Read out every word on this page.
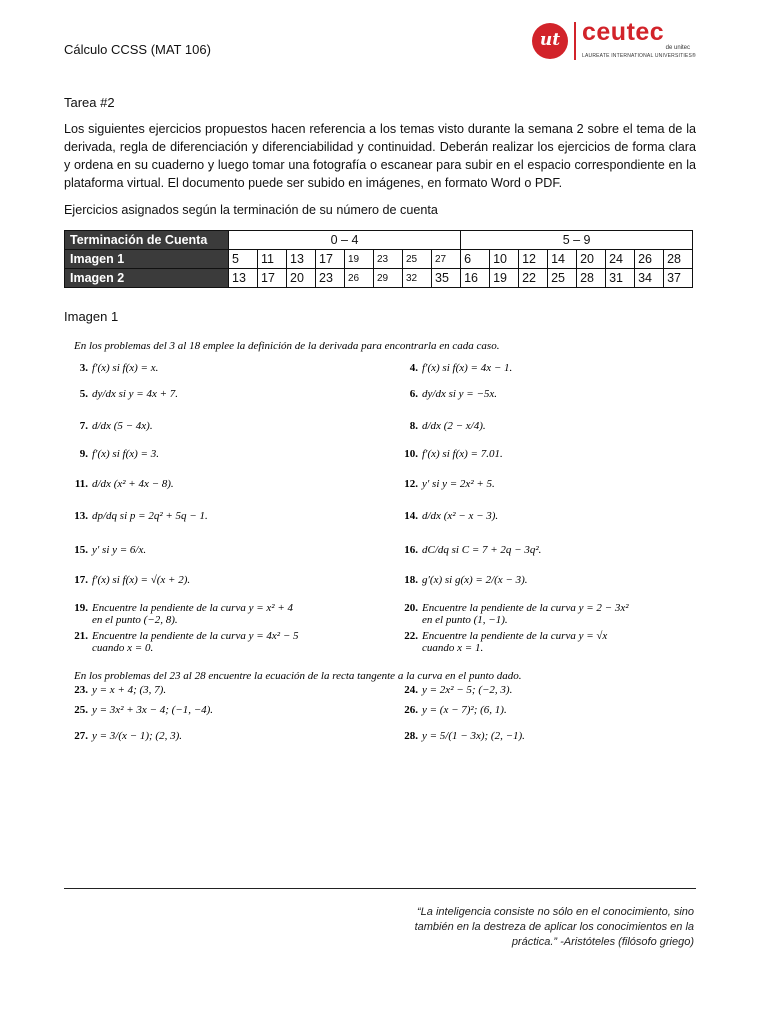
Cálculo CCSS (MAT 106)	ut ceutec
de unitec
LAUREATE INTERNATIONAL UNIVERSITIES®
Tarea #2

Los siguientes ejercicios propuestos hacen referencia a los temas visto durante la semana 2 sobre el tema de la derivada, regla de diferenciación y diferenciabilidad y continuidad. Deberán realizar los ejercicios de forma clara y ordena en su cuaderno y luego tomar una fotografía o escanear para subir en el espacio correspondiente en la plataforma virtual. El documento puede ser subido en imágenes, en formato Word o PDF.

Ejercicios asignados según la terminación de su número de cuenta
Terminación de Cuenta	0 – 4								5 – 9							
Imagen 1	5	11	13	17	19	23	25	27	6	10	12	14	20	24	26	28
Imagen 2	13	17	20	23	26	29	32	35	16	19	22	25	28	31	34	37
Imagen 1
En los problemas del 3 al 18 emplee la definición de la derivada para encontrarla en cada caso.
En los problemas del 23 al 28 encuentre la ecuación de la recta tangente a la curva en el punto dado.
3. f′(x) si f(x) = x.	4. f′(x) si f(x) = 4x − 1.
5. dy/dx si y = 4x + 7.	6. dy/dx si y = −5x.
7. d/dx (5 − 4x).	8. d/dx (2 − x/4).
9. f′(x) si f(x) = 3.	10. f′(x) si f(x) = 7.01.
11. d/dx (x² + 4x − 8).	12. y′ si y = 2x² + 5.
13. dp/dq si p = 2q² + 5q − 1.	14. d/dx (x² − x − 3).
15. y′ si y = 6/x.	16. dC/dq si C = 7 + 2q − 3q².
17. f′(x) si f(x) = √(x + 2).	18. g′(x) si g(x) = 2/(x − 3).
19. Encuentre la pendiente de la curva y = x² + 4
en el punto (−2, 8).
20. Encuentre la pendiente de la curva y = 2 − 3x²
en el punto (1, −1).
21. Encuentre la pendiente de la curva y = 4x² − 5
cuando x = 0.
22. Encuentre la pendiente de la curva y = √x
cuando x = 1.
23. y = x + 4; (3, 7).	24. y = 2x² − 5; (−2, 3).
25. y = 3x² + 3x − 4; (−1, −4).	26. y = (x − 7)²; (6, 1).
27. y = 3/(x − 1); (2, 3).	28. y = 5/(1 − 3x); (2, −1).

“La inteligencia consiste no sólo en el conocimiento, sino también en la destreza de aplicar los conocimientos en la práctica.” -Aristóteles (filósofo griego)
